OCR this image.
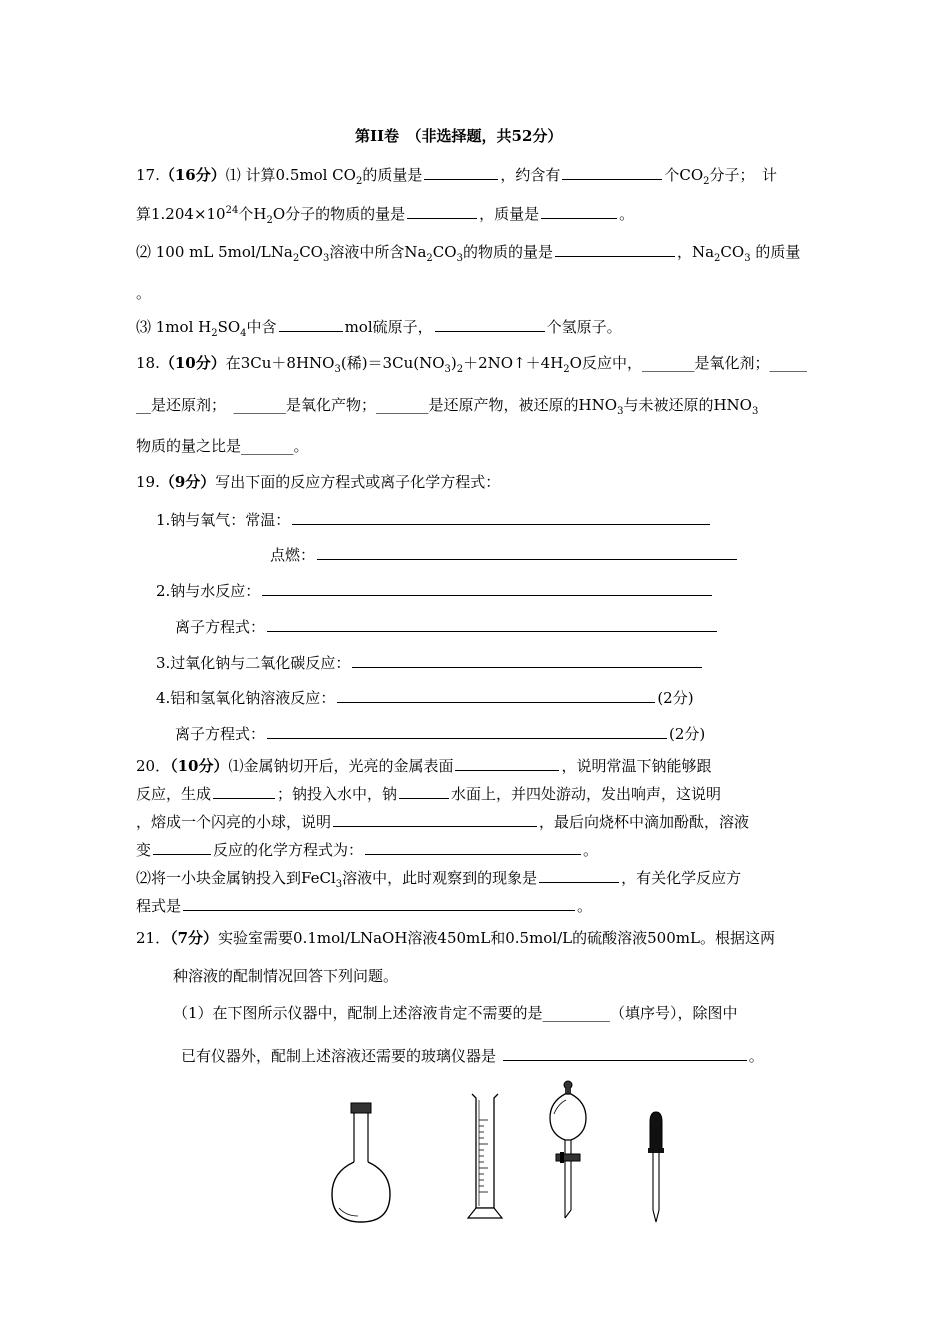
第II卷　（非选择题，共52分）
17.（16分）⑴ 计算0.5mol $CO_2$的质量是	，约含有	个$CO_2$分子；　计
算$1.204\times 10^{24}$个$H_2O$分子的物质的量是	，质量是	。
⑵ 100 mL $5mol/LNa_2CO_3$溶液中所含$Na_2CO_3$的物质的量是	，$Na_2CO_3$ 的质量
。
⑶ 1mol $H_2SO_4$中含	mol硫原子，	个氢原子。
18.（10分）在$3Cu+8HNO_3$(稀)$=3Cu(NO_3)_2+2NO↑+4H_2O$反应中，_______是氧化剂；_____
__是还原剂；　 _______是氧化产物；_______是还原产物，被还原的$HNO_3$与未被还原的$HNO_3$
物质的量之比是_______。
19.（9分）写出下面的反应方程式或离子化学方程式：
1.钠与氧气：常温：
点燃：
2.钠与水反应：
离子方程式：
3.过氧化钠与二氧化碳反应：
4.铝和氢氧化钠溶液反应：	(2分)
离子方程式：	(2分)
20．（10分）⑴金属钠切开后，光亮的金属表面	，说明常温下钠能够跟
反应，生成	；钠投入水中，钠	水面上，并四处游动，发出响声，这说明
，熔成一个闪亮的小球，说明	，最后向烧杯中滴加酚酞，溶液
变	反应的化学方程式为：	。
⑵将一小块金属钠投入到FeCl$_3$溶液中，此时观察到的现象是	，有关化学反应方
程式是	。
21．（7分）实验室需要0.1mol/LNaOH溶液450mL和0.5mol/L的硫酸溶液500mL。根据这两
种溶液的配制情况回答下列问题。
（1）在下图所示仪器中，配制上述溶液肯定不需要的是_________（填序号），除图中
已有仪器外，配制上述溶液还需要的玻璃仪器是	。
